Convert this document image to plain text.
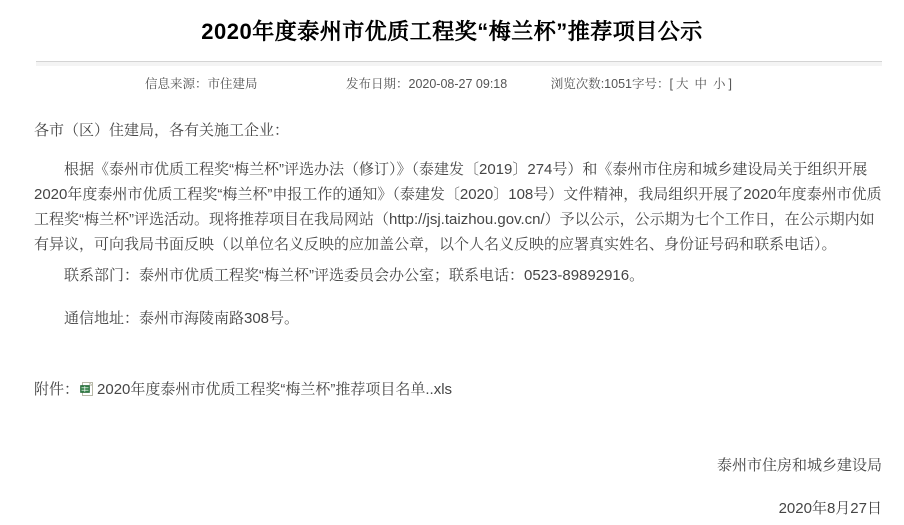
2020年度泰州市优质工程奖“梅兰杯”推荐项目公示
信息来源：市住建局	发布日期：2020-08-27 09:18	浏览次数:1051字号：[ 大 中 小 ]

各市（区）住建局，各有关施工企业：

根据《泰州市优质工程奖“梅兰杯”评选办法（修订）》（泰建发〔2019〕274号）和《泰州市住房和城乡建设局关于组织开展2020年度泰州市优质工程奖“梅兰杯”申报工作的通知》（泰建发〔2020〕108号）文件精神，我局组织开展了2020年度泰州市优质工程奖“梅兰杯”评选活动。现将推荐项目在我局网站（http://jsj.taizhou.gov.cn/）予以公示，公示期为七个工作日，在公示期内如有异议，可向我局书面反映（以单位名义反映的应加盖公章，以个人名义反映的应署真实姓名、身份证号码和联系电话）。

联系部门：泰州市优质工程奖“梅兰杯”评选委员会办公室；联系电话：0523-89892916。

通信地址：泰州市海陵南路308号。

附件： 2020年度泰州市优质工程奖“梅兰杯”推荐项目名单..xls

泰州市住房和城乡建设局

2020年8月27日
